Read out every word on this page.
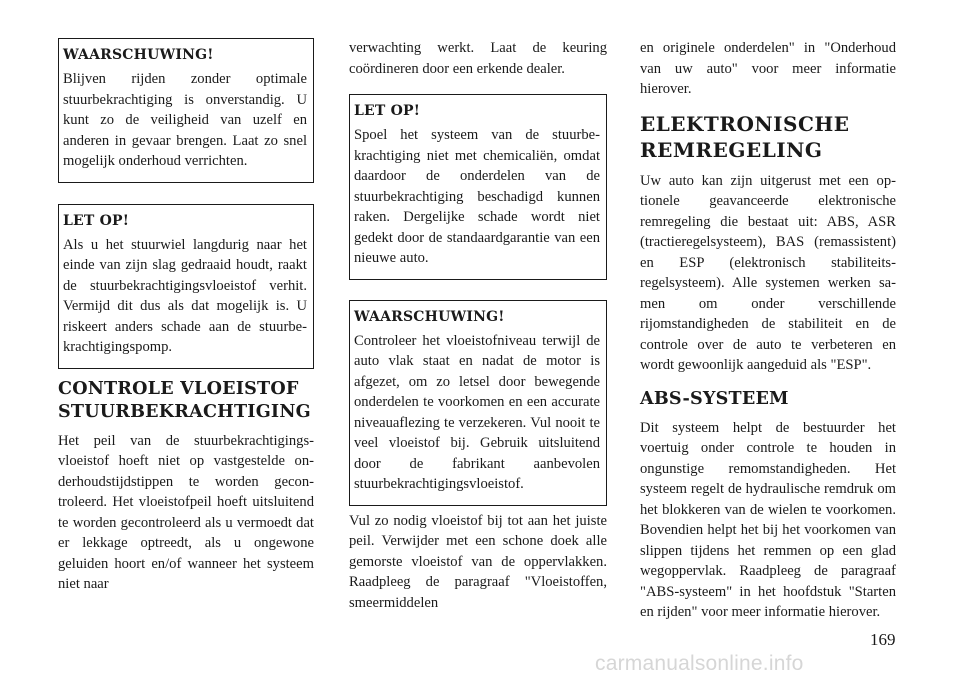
WAARSCHUWING!

Blijven rijden zonder optimale stuurbekrachtiging is onverstandig. U kunt zo de veiligheid van uzelf en anderen in gevaar brengen. Laat zo snel mogelijk onderhoud verrichten.

LET OP!

Als u het stuurwiel langdurig naar het einde van zijn slag gedraaid houdt, raakt de stuurbekrachtigingsvloeistof verhit. Vermijd dit dus als dat mogelijk is. U riskeert anders schade aan de stuurbekrachtigingspomp.

CONTROLE VLOEISTOF STUURBEKRACHTIGING

Het peil van de stuurbekrachtigingsvloeistof hoeft niet op vastgestelde onderhoudstijdstippen te worden gecontroleerd. Het vloeistofpeil hoeft uitsluitend te worden gecontroleerd als u vermoedt dat er lekkage optreedt, als u ongewone geluiden hoort en/of wanneer het systeem niet naar

verwachting werkt. Laat de keuring coördineren door een erkende dealer.

LET OP!

Spoel het systeem van de stuurbekrachtiging niet met chemicaliën, omdat daardoor de onderdelen van de stuurbekrachtiging beschadigd kunnen raken. Dergelijke schade wordt niet gedekt door de standaardgarantie van een nieuwe auto.

WAARSCHUWING!

Controleer het vloeistofniveau terwijl de auto vlak staat en nadat de motor is afgezet, om zo letsel door bewegende onderdelen te voorkomen en een accurate niveauaflezing te verzekeren. Vul nooit te veel vloeistof bij. Gebruik uitsluitend door de fabrikant aanbevolen stuurbekrachtigingsvloeistof.

Vul zo nodig vloeistof bij tot aan het juiste peil. Verwijder met een schone doek alle gemorste vloeistof van de oppervlakken. Raadpleeg de paragraaf "Vloeistoffen, smeermiddelen

en originele onderdelen" in "Onderhoud van uw auto" voor meer informatie hierover.

ELEKTRONISCHE REMREGELING

Uw auto kan zijn uitgerust met een optionele geavanceerde elektronische remregeling die bestaat uit: ABS, ASR (tractieregelsysteem), BAS (remassistent) en ESP (elektronisch stabiliteitsregelsysteem). Alle systemen werken samen om onder verschillende rijomstandigheden de stabiliteit en de controle over de auto te verbeteren en wordt gewoonlijk aangeduid als "ESP".

ABS-SYSTEEM

Dit systeem helpt de bestuurder het voertuig onder controle te houden in ongunstige remomstandigheden. Het systeem regelt de hydraulische remdruk om het blokkeren van de wielen te voorkomen. Bovendien helpt het bij het voorkomen van slippen tijdens het remmen op een glad wegoppervlak. Raadpleeg de paragraaf "ABS-systeem" in het hoofdstuk "Starten en rijden" voor meer informatie hierover.

169
carmanualsonline.info
